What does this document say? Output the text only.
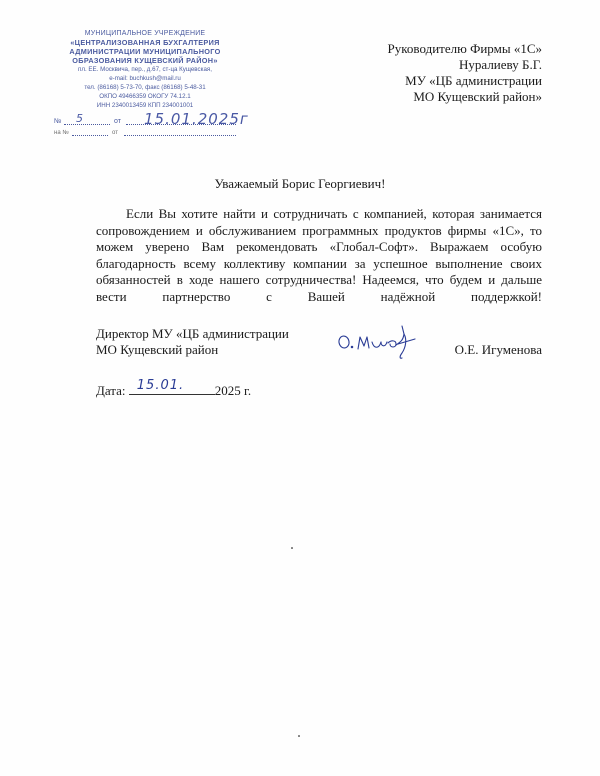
МУНИЦИПАЛЬНОЕ УЧРЕЖДЕНИЕ
«ЦЕНТРАЛИЗОВАННАЯ БУХГАЛТЕРИЯ
АДМИНИСТРАЦИИ МУНИЦИПАЛЬНОГО
ОБРАЗОВАНИЯ КУЩЕВСКИЙ РАЙОН»
пл. ЕЕ. Москвича, пер., д.67, ст-ца Кущевская,
e-mail: buchkush@mail.ru
тел. (86168) 5-73-70, факс (86168) 5-48-31
ОКПО 49466359 ОКОГУ 74.12.1
ИНН 2340013459 КПП 234001001
№ 5	от 15.01.2025г
на №	от
Руководителю Фирмы «1С»
Нуралиеву Б.Г.
МУ «ЦБ администрации
МО Кущевский район»
Уважаемый Борис Георгиевич!
Если Вы хотите найти и сотрудничать с компанией, которая занимается сопровождением и обслуживанием программных продуктов фирмы «1С», то можем уверено Вам рекомендовать «Глобал-Софт». Выражаем особую благодарность всему коллективу компании за успешное выполнение своих обязанностей в ходе нашего сотрудничества! Надеемся, что будем и дальше вести партнерство с Вашей надёжной поддержкой!
Директор МУ «ЦБ администрации
МО Кущевский район	О.Е. Игуменова
Дата: 15.01. 2025 г.
